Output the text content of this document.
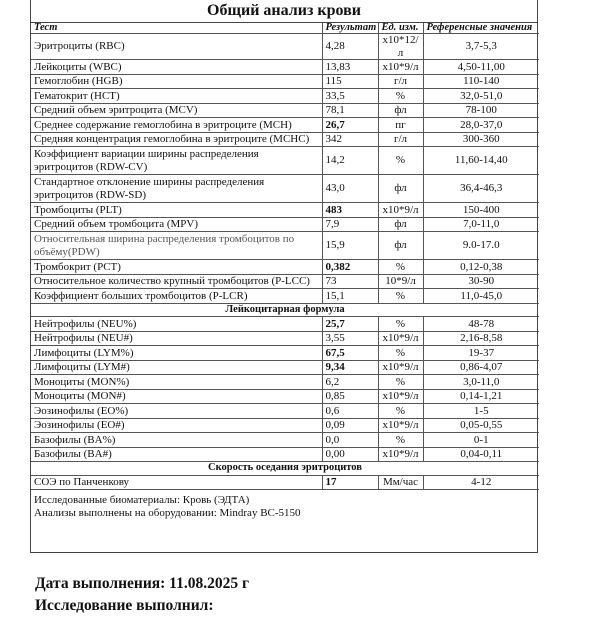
Общий анализ крови
Тест	Результат	Ед. изм.	Референсные значения
Эритроциты (RBC)	4,28	x10*12/л	3,7-5,3
Лейкоциты (WBC)	13,83	x10*9/л	4,50-11,00
Гемоглобин (HGB)	115	г/л	110-140
Гематокрит (HCT)	33,5	%	32,0-51,0
Средний объем эритроцита (MCV)	78,1	фл	78-100
Среднее содержание гемоглобина в эритроците (MCH)	26,7	пг	28,0-37,0
Средняя концентрация гемоглобина в эритроците (MCHC)	342	г/л	300-360
Коэффициент вариации ширины распределения эритроцитов (RDW-CV)	14,2	%	11,60-14,40
Стандартное отклонение ширины распределения эритроцитов (RDW-SD)	43,0	фл	36,4-46,3
Тромбоциты (PLT)	483	x10*9/л	150-400
Средний объем тромбоцита (MPV)	7,9	фл	7,0-11,0
Относительная ширина распределения тромбоцитов по объёму(PDW)	15,9	фл	9.0-17.0
Тромбокрит (PCT)	0,382	%	0,12-0,38
Относительное количество крупный тромбоцитов (P-LCC)	73	10*9/л	30-90
Коэффициент больших тромбоцитов (P-LCR)	15,1	%	11,0-45,0
Лейкоцитарная формула			
Нейтрофилы (NEU%)	25,7	%	48-78
Нейтрофилы (NEU#)	3,55	x10*9/л	2,16-8,58
Лимфоциты (LYM%)	67,5	%	19-37
Лимфоциты (LYM#)	9,34	x10*9/л	0,86-4,07
Моноциты (MON%)	6,2	%	3,0-11,0
Моноциты (MON#)	0,85	x10*9/л	0,14-1,21
Эозинофилы (EO%)	0,6	%	1-5
Эозинофилы (EO#)	0,09	x10*9/л	0,05-0,55
Базофилы (BA%)	0,0	%	0-1
Базофилы (BA#)	0,00	x10*9/л	0,04-0,11
Скорость оседания эритроцитов			
СОЭ по Панченкову	17	Мм/час	4-12
Исследованные биоматериалы: Кровь (ЭДТА)
Анализы выполнены на оборудовании: Mindray BC-5150
Дата выполнения: 11.08.2025 г
Исследование выполнил:
